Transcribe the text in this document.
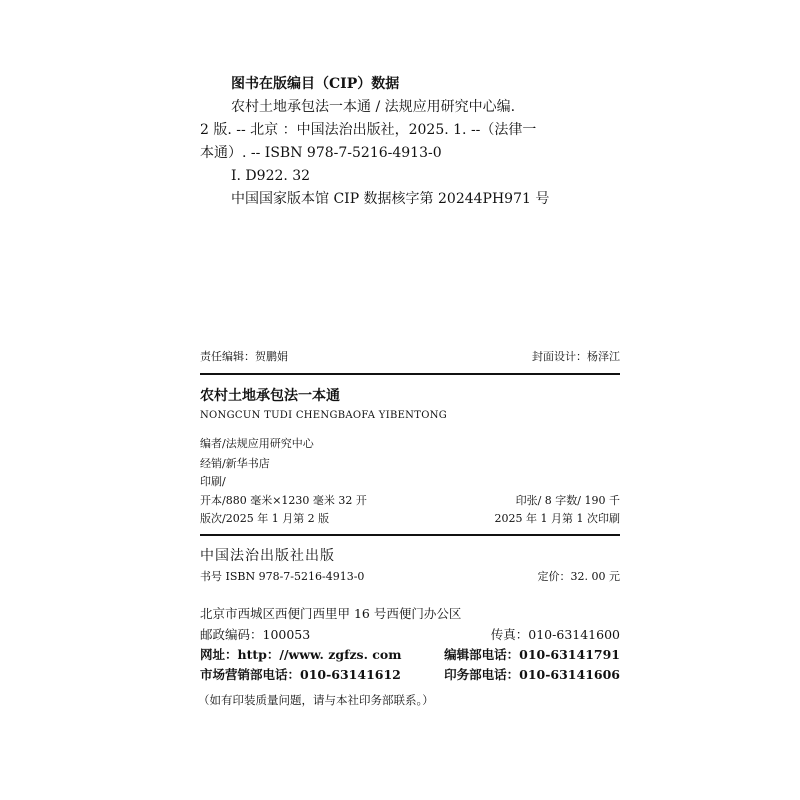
图书在版编目（CIP）数据
农村土地承包法一本通 / 法规应用研究中心编.
2 版. -- 北京 ：中国法治出版社，2025. 1. --（法律一
本通）. -- ISBN 978-7-5216-4913-0
Ⅰ. D922. 32
中国国家版本馆 CIP 数据核字第 20244PH971 号
责任编辑：贺鹏娟	封面设计：杨泽江
农村土地承包法一本通
NONGCUN TUDI CHENGBAOFA YIBENTONG
编者/法规应用研究中心
经销/新华书店
印刷/
开本/880 毫米×1230 毫米 32 开	印张/ 8 字数/ 190 千
版次/2025 年 1 月第 2 版	2025 年 1 月第 1 次印刷
中国法治出版社出版
书号 ISBN 978-7-5216-4913-0	定价：32. 00 元
北京市西城区西便门西里甲 16 号西便门办公区
邮政编码：100053	传真：010-63141600
网址：http：//www. zgfzs. com	编辑部电话：010-63141791
市场营销部电话：010-63141612	印务部电话：010-63141606
（如有印装质量问题，请与本社印务部联系。）
